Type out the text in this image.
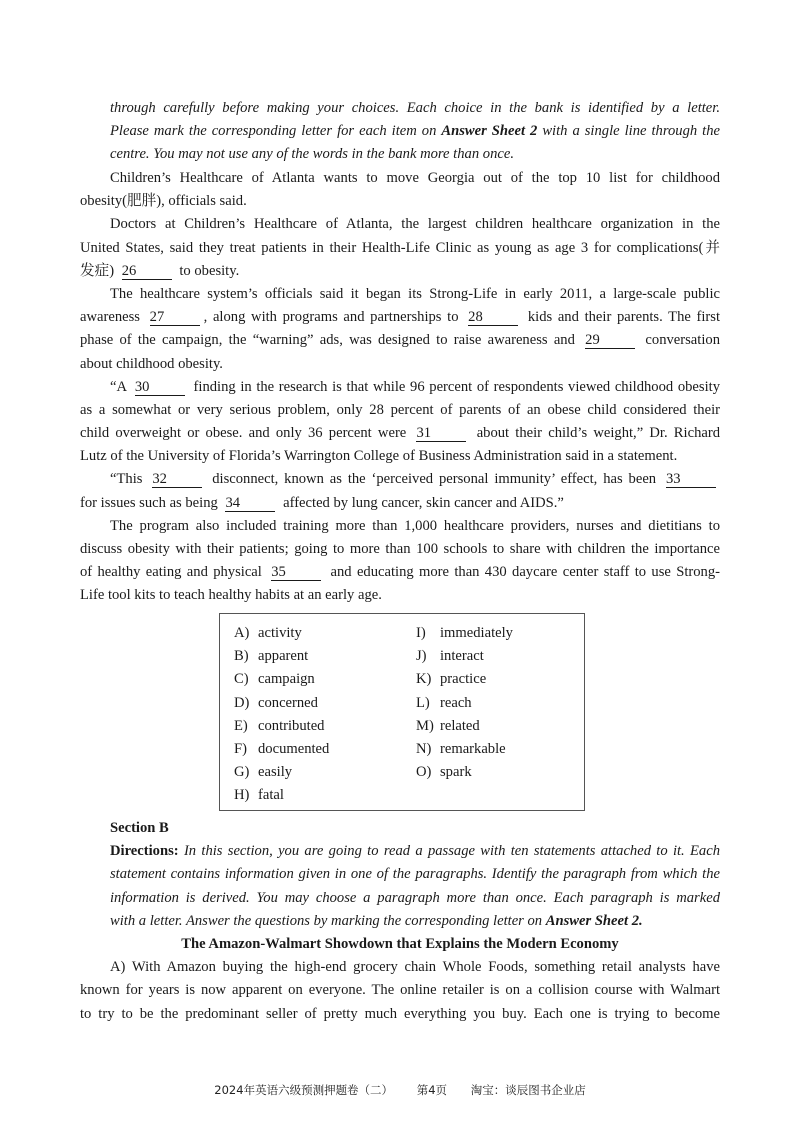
through carefully before making your choices. Each choice in the bank is identified by a letter.
Please mark the corresponding letter for each item on Answer Sheet 2 with a single line through the
centre. You may not use any of the words in the bank more than once.
Children’s Healthcare of Atlanta wants to move Georgia out of the top 10 list for childhood
obesity(肥胖), officials said.
Doctors at Children’s Healthcare of Atlanta, the largest children healthcare organization in the
United States, said they treat patients in their Health-Life Clinic as young as age 3 for complications(并
发症) 26	to obesity.
The healthcare system’s officials said it began its Strong-Life in early 2011, a large-scale public
awareness 27	, along with programs and partnerships to 28	kids and their parents. The first
phase of the campaign, the “warning” ads, was designed to raise awareness and 29	conversation
about childhood obesity.
“A 30	finding in the research is that while 96 percent of respondents viewed childhood obesity
as a somewhat or very serious problem, only 28 percent of parents of an obese child considered their
child overweight or obese. and only 36 percent were 31	about their child’s weight,” Dr. Richard
Lutz of the University of Florida’s Warrington College of Business Administration said in a statement.
“This 32	disconnect, known as the ‘perceived personal immunity’ effect, has been 33
for issues such as being 34	affected by lung cancer, skin cancer and AIDS.”
The program also included training more than 1,000 healthcare providers, nurses and dietitians to
discuss obesity with their patients; going to more than 100 schools to share with children the importance
of healthy eating and physical 35	and educating more than 430 daycare center staff to use Strong-
Life tool kits to teach healthy habits at an early age.
A) activity
B) apparent
C) campaign
D) concerned
E) contributed
F) documented
G) easily
H) fatal
I) immediately
J) interact
K) practice
L) reach
M) related
N) remarkable
O) spark
Section B
Directions: In this section, you are going to read a passage with ten statements attached to it. Each
statement contains information given in one of the paragraphs. Identify the paragraph from which the
information is derived. You may choose a paragraph more than once. Each paragraph is marked
with a letter. Answer the questions by marking the corresponding letter on Answer Sheet 2.
The Amazon-Walmart Showdown that Explains the Modern Economy
A) With Amazon buying the high-end grocery chain Whole Foods, something retail analysts have
known for years is now apparent on everyone. The online retailer is on a collision course with Walmart
to try to be the predominant seller of pretty much everything you buy. Each one is trying to become
2024年英语六级预测押题卷（二） 第4页 淘宝：谈辰图书企业店
